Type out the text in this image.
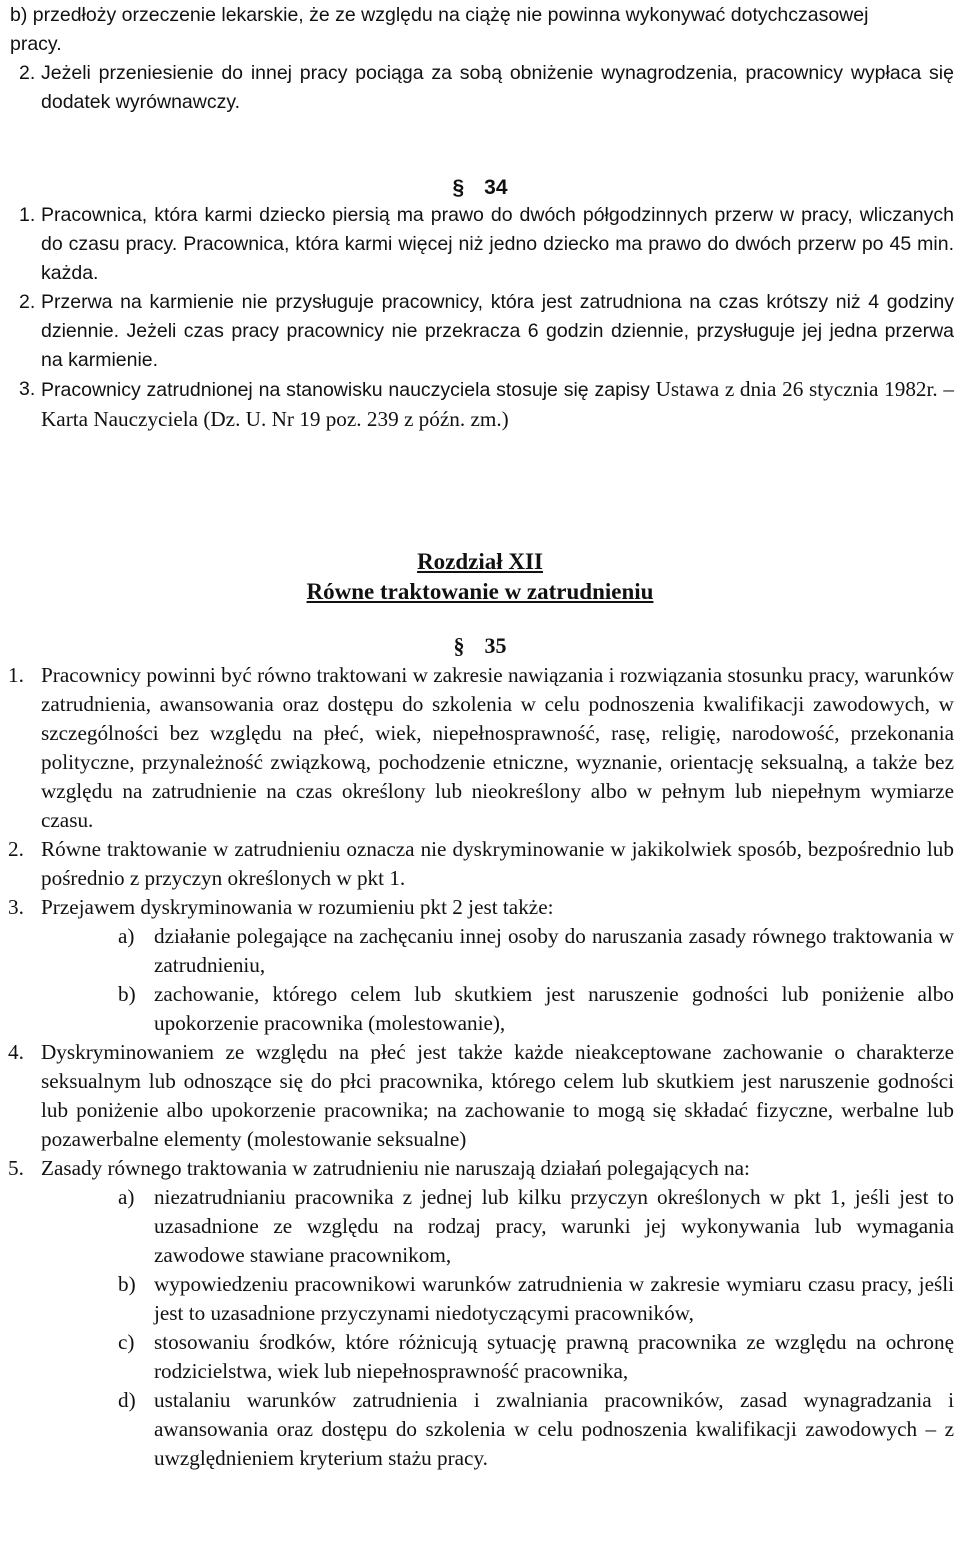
b) przedłoży orzeczenie lekarskie, że ze względu na ciążę nie powinna wykonywać dotychczasowej pracy.

2. Jeżeli przeniesienie do innej pracy pociąga za sobą obniżenie wynagrodzenia, pracownicy wypłaca się dodatek wyrównawczy.

§ 34

1. Pracownica, która karmi dziecko piersią ma prawo do dwóch półgodzinnych przerw w pracy, wliczanych do czasu pracy. Pracownica, która karmi więcej niż jedno dziecko ma prawo do dwóch przerw po 45 min. każda.

2. Przerwa na karmienie nie przysługuje pracownicy, która jest zatrudniona na czas krótszy niż 4 godziny dziennie. Jeżeli czas pracy pracownicy nie przekracza 6 godzin dziennie, przysługuje jej jedna przerwa na karmienie.

3. Pracownicy zatrudnionej na stanowisku nauczyciela stosuje się zapisy Ustawa z dnia 26 stycznia 1982r. – Karta Nauczyciela (Dz. U. Nr 19 poz. 239 z późn. zm.)

Rozdział XII
Równe traktowanie w zatrudnieniu
§ 35

1. Pracownicy powinni być równo traktowani w zakresie nawiązania i rozwiązania stosunku pracy, warunków zatrudnienia, awansowania oraz dostępu do szkolenia w celu podnoszenia kwalifikacji zawodowych, w szczególności bez względu na płeć, wiek, niepełnosprawność, rasę, religię, narodowość, przekonania polityczne, przynależność związkową, pochodzenie etniczne, wyznanie, orientację seksualną, a także bez względu na zatrudnienie na czas określony lub nieokreślony albo w pełnym lub niepełnym wymiarze czasu.

2. Równe traktowanie w zatrudnieniu oznacza nie dyskryminowanie w jakikolwiek sposób, bezpośrednio lub pośrednio z przyczyn określonych w pkt 1.

3. Przejawem dyskryminowania w rozumieniu pkt 2 jest także:

a) działanie polegające na zachęcaniu innej osoby do naruszania zasady równego traktowania w zatrudnieniu,

b) zachowanie, którego celem lub skutkiem jest naruszenie godności lub poniżenie albo upokorzenie pracownika (molestowanie),

4. Dyskryminowaniem ze względu na płeć jest także każde nieakceptowane zachowanie o charakterze seksualnym lub odnoszące się do płci pracownika, którego celem lub skutkiem jest naruszenie godności lub poniżenie albo upokorzenie pracownika; na zachowanie to mogą się składać fizyczne, werbalne lub pozawerbalne elementy (molestowanie seksualne)

5. Zasady równego traktowania w zatrudnieniu nie naruszają działań polegających na:

a) niezatrudnianiu pracownika z jednej lub kilku przyczyn określonych w pkt 1, jeśli jest to uzasadnione ze względu na rodzaj pracy, warunki jej wykonywania lub wymagania zawodowe stawiane pracownikom,

b) wypowiedzeniu pracownikowi warunków zatrudnienia w zakresie wymiaru czasu pracy, jeśli jest to uzasadnione przyczynami niedotyczącymi pracowników,

c) stosowaniu środków, które różnicują sytuację prawną pracownika ze względu na ochronę rodzicielstwa, wiek lub niepełnosprawność pracownika,

d) ustalaniu warunków zatrudnienia i zwalniania pracowników, zasad wynagradzania i awansowania oraz dostępu do szkolenia w celu podnoszenia kwalifikacji zawodowych – z uwzględnieniem kryterium stażu pracy.
